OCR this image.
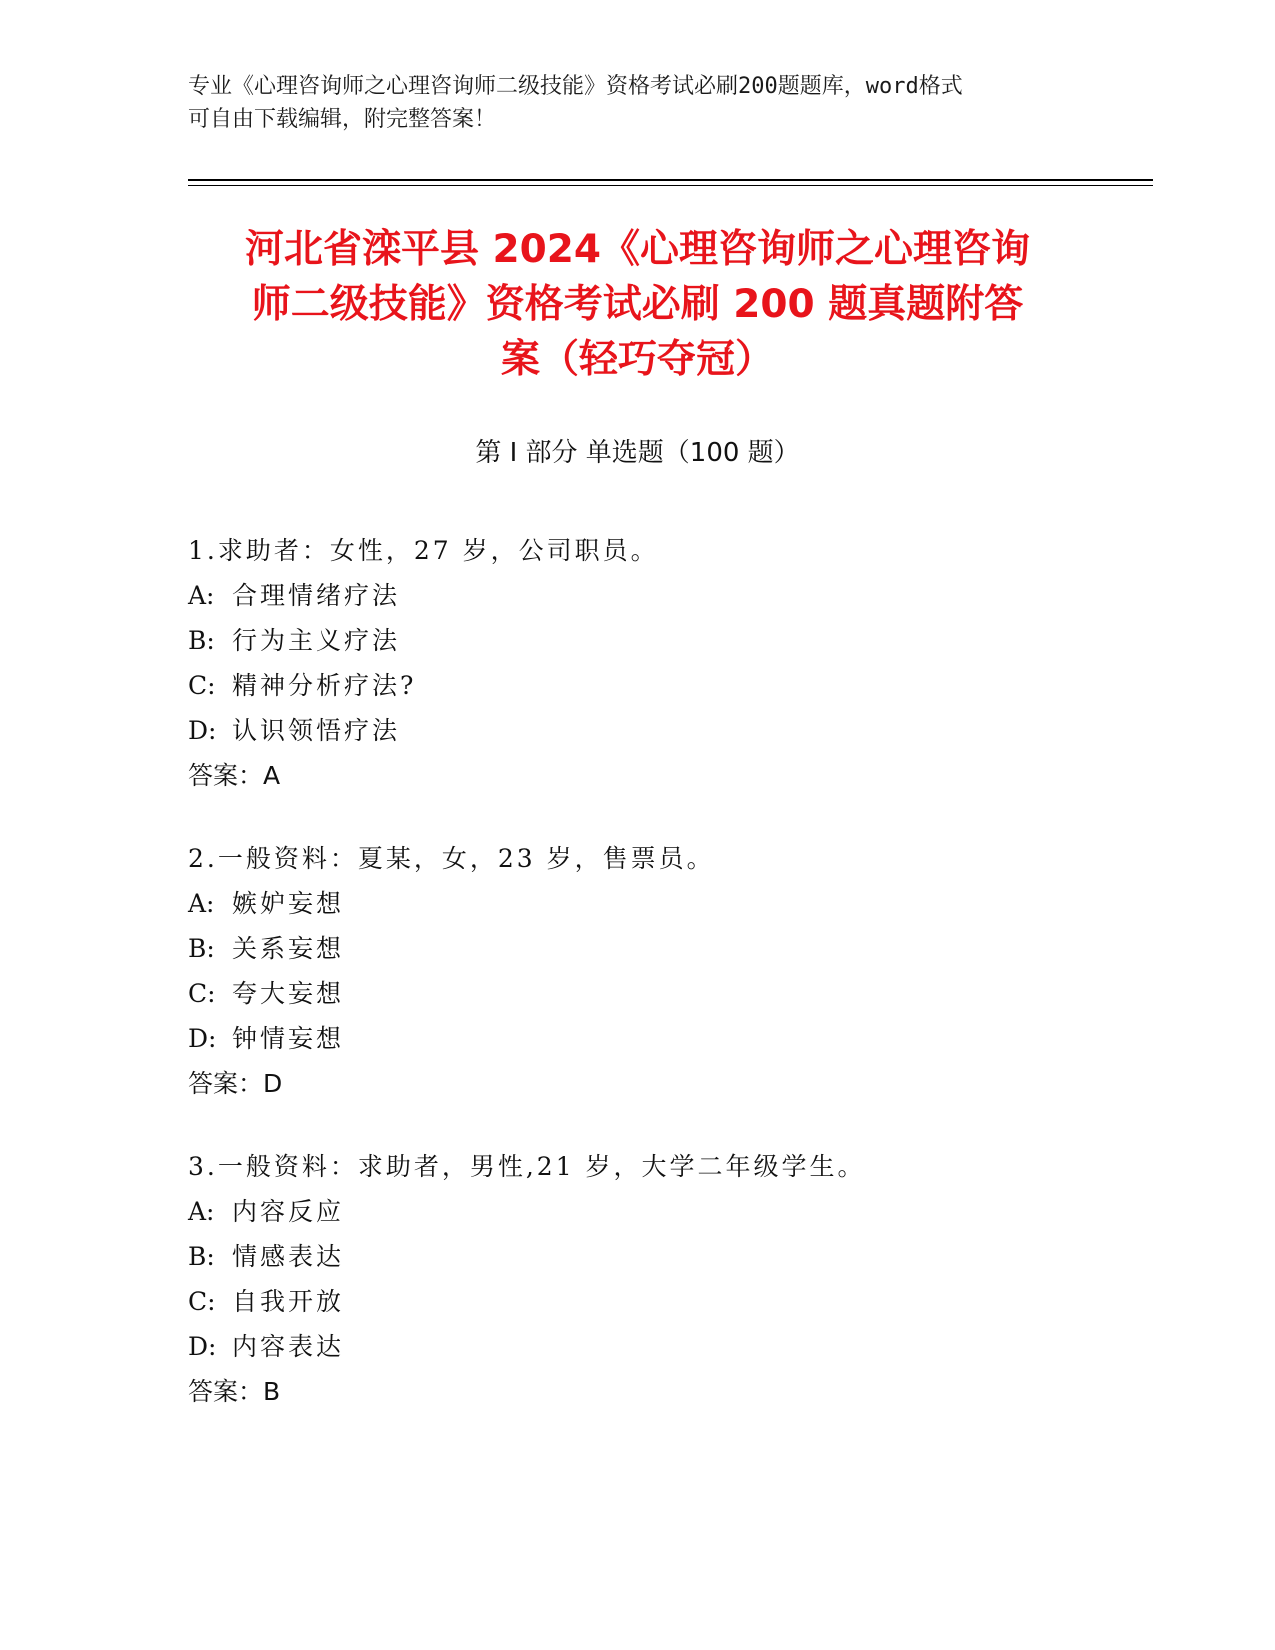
专业《心理咨询师之心理咨询师二级技能》资格考试必刷200题题库，word格式
可自由下载编辑，附完整答案！
河北省滦平县 2024《心理咨询师之心理咨询
师二级技能》资格考试必刷 200 题真题附答
案（轻巧夺冠）
第 I 部分 单选题（100 题）
1.求助者：女性，27 岁，公司职员。
A: 合理情绪疗法
B: 行为主义疗法
C: 精神分析疗法?
D: 认识领悟疗法
答案：A
2.一般资料：夏某，女，23 岁，售票员。
A: 嫉妒妄想
B: 关系妄想
C: 夸大妄想
D: 钟情妄想
答案：D
3.一般资料：求助者，男性,21 岁，大学二年级学生。
A: 内容反应
B: 情感表达
C: 自我开放
D: 内容表达
答案：B
